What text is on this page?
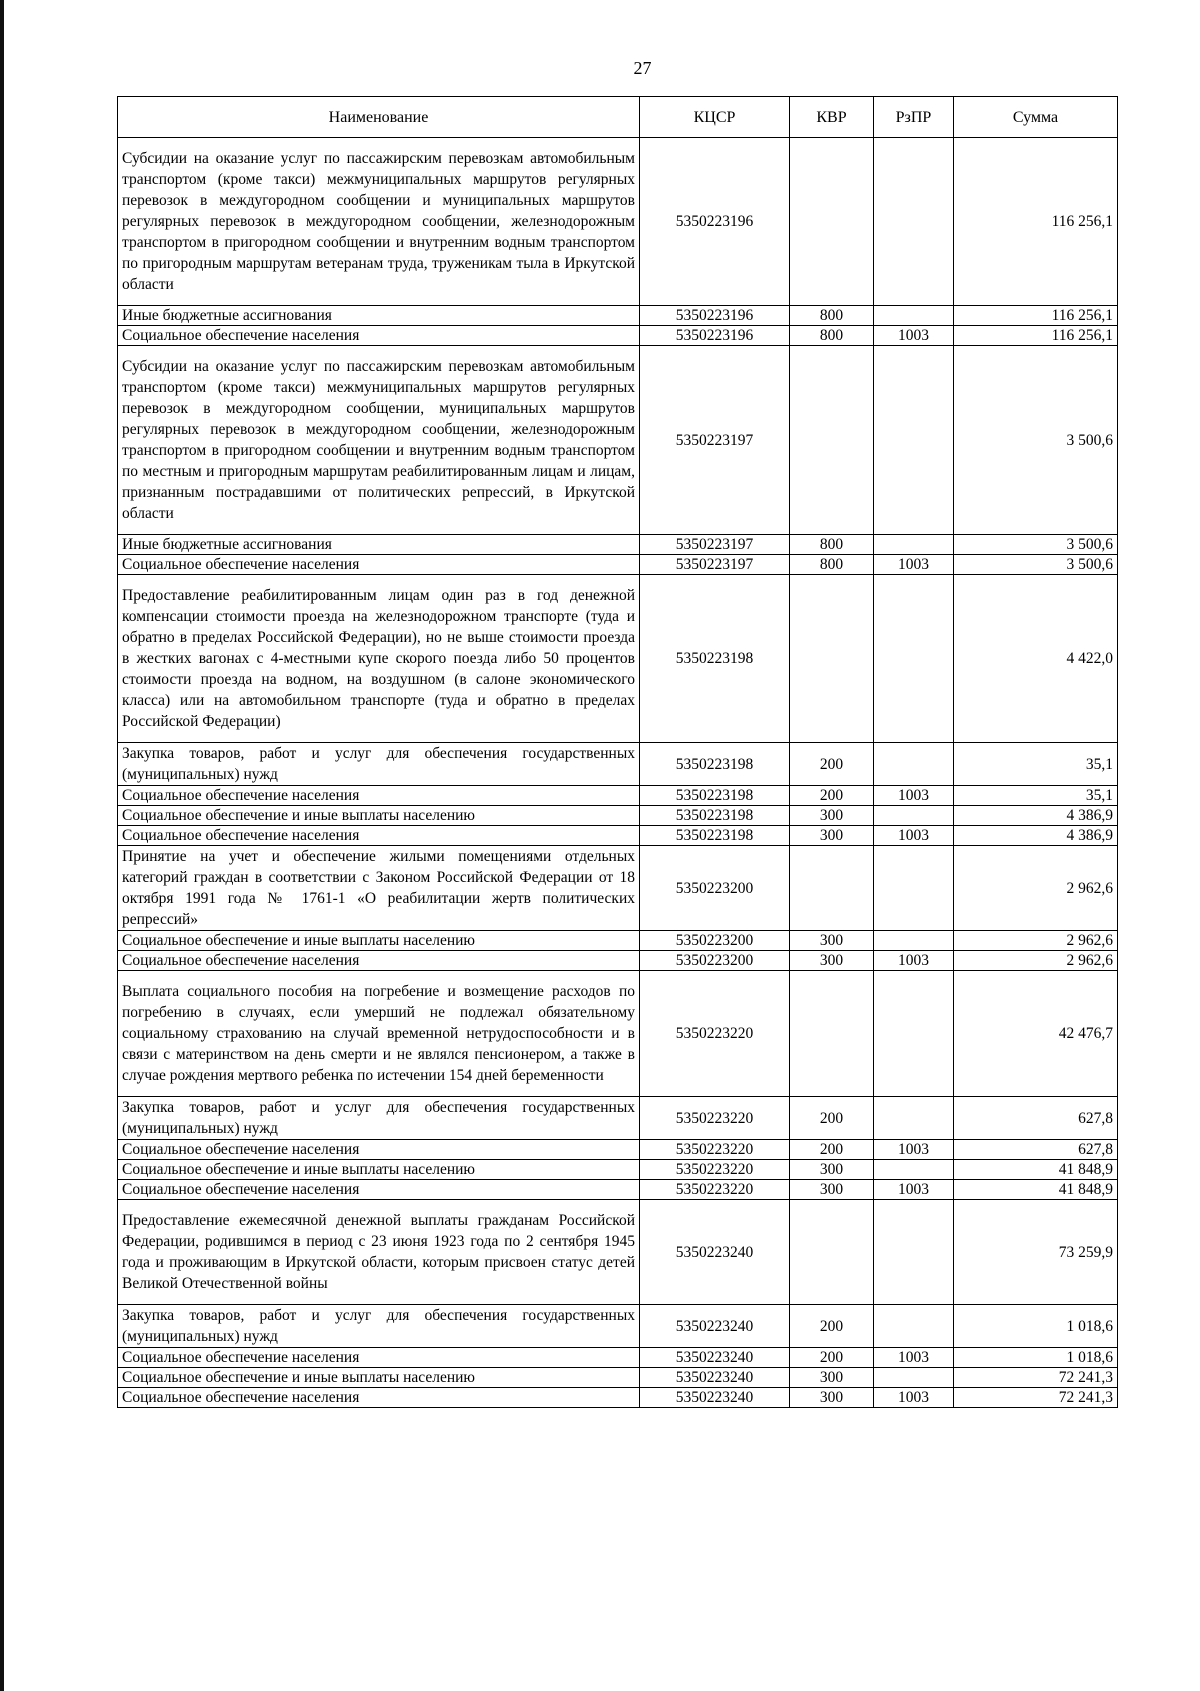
27
Наименование	КЦСР	КВР	РзПР	Сумма
Субсидии на оказание услуг по пассажирским перевозкам автомобильным транспортом (кроме такси) межмуниципальных маршрутов регулярных перевозок в междугородном сообщении и муниципальных маршрутов регулярных перевозок в междугородном сообщении, железнодорожным транспортом в пригородном сообщении и внутренним водным транспортом по пригородным маршрутам ветеранам труда, труженикам тыла в Иркутской области	5350223196			116 256,1
Иные бюджетные ассигнования	5350223196	800		116 256,1
Социальное обеспечение населения	5350223196	800	1003	116 256,1
Субсидии на оказание услуг по пассажирским перевозкам автомобильным транспортом (кроме такси) межмуниципальных маршрутов регулярных перевозок в междугородном сообщении, муниципальных маршрутов регулярных перевозок в междугородном сообщении, железнодорожным транспортом в пригородном сообщении и внутренним водным транспортом по местным и пригородным маршрутам реабилитированным лицам и лицам, признанным пострадавшими от политических репрессий, в Иркутской области	5350223197			3 500,6
Иные бюджетные ассигнования	5350223197	800		3 500,6
Социальное обеспечение населения	5350223197	800	1003	3 500,6
Предоставление реабилитированным лицам один раз в год денежной компенсации стоимости проезда на железнодорожном транспорте (туда и обратно в пределах Российской Федерации), но не выше стоимости проезда в жестких вагонах с 4-местными купе скорого поезда либо 50 процентов стоимости проезда на водном, на воздушном (в салоне экономического класса) или на автомобильном транспорте (туда и обратно в пределах Российской Федерации)	5350223198			4 422,0
Закупка товаров, работ и услуг для обеспечения государственных (муниципальных) нужд	5350223198	200		35,1
Социальное обеспечение населения	5350223198	200	1003	35,1
Социальное обеспечение и иные выплаты населению	5350223198	300		4 386,9
Социальное обеспечение населения	5350223198	300	1003	4 386,9
Принятие на учет и обеспечение жилыми помещениями отдельных категорий граждан в соответствии с Законом Российской Федерации от 18 октября 1991 года № 1761-1 «О реабилитации жертв политических репрессий»	5350223200			2 962,6
Социальное обеспечение и иные выплаты населению	5350223200	300		2 962,6
Социальное обеспечение населения	5350223200	300	1003	2 962,6
Выплата социального пособия на погребение и возмещение расходов по погребению в случаях, если умерший не подлежал обязательному социальному страхованию на случай временной нетрудоспособности и в связи с материнством на день смерти и не являлся пенсионером, а также в случае рождения мертвого ребенка по истечении 154 дней беременности	5350223220			42 476,7
Закупка товаров, работ и услуг для обеспечения государственных (муниципальных) нужд	5350223220	200		627,8
Социальное обеспечение населения	5350223220	200	1003	627,8
Социальное обеспечение и иные выплаты населению	5350223220	300		41 848,9
Социальное обеспечение населения	5350223220	300	1003	41 848,9
Предоставление ежемесячной денежной выплаты гражданам Российской Федерации, родившимся в период с 23 июня 1923 года по 2 сентября 1945 года и проживающим в Иркутской области, которым присвоен статус детей Великой Отечественной войны	5350223240			73 259,9
Закупка товаров, работ и услуг для обеспечения государственных (муниципальных) нужд	5350223240	200		1 018,6
Социальное обеспечение населения	5350223240	200	1003	1 018,6
Социальное обеспечение и иные выплаты населению	5350223240	300		72 241,3
Социальное обеспечение населения	5350223240	300	1003	72 241,3
